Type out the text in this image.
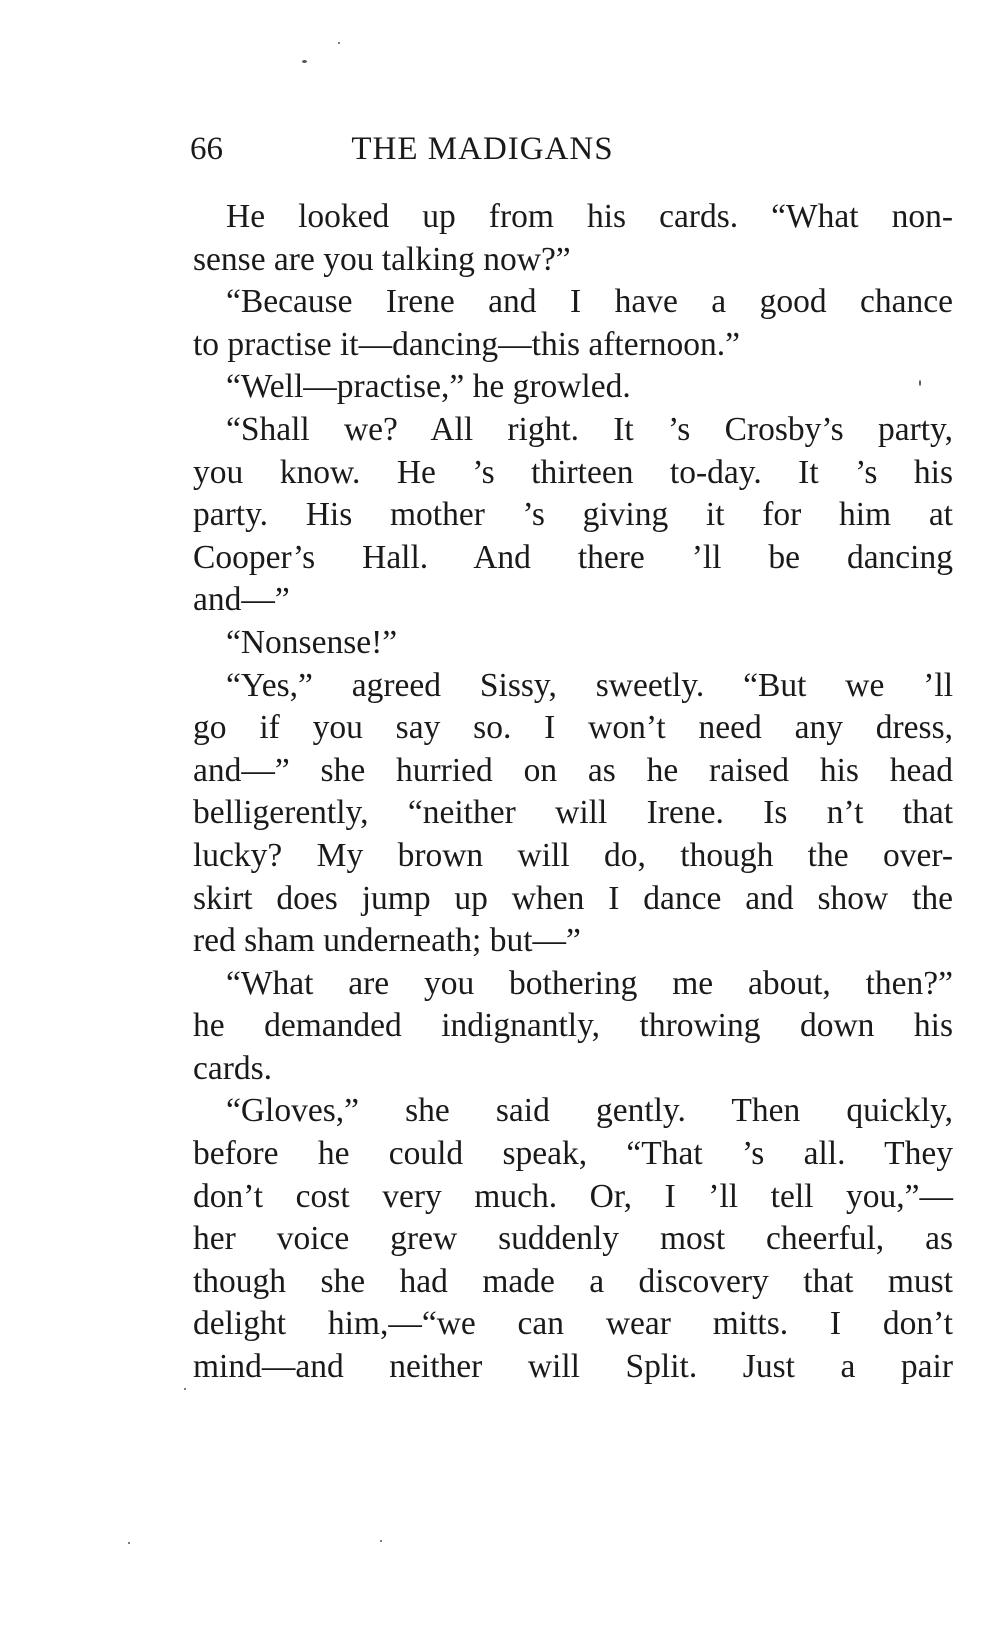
66	THE MADIGANS
He looked up from his cards. “What non-
sense are you talking now?”
“Because Irene and I have a good chance
to practise it—dancing—this afternoon.”
“Well—practise,” he growled.
“Shall we? All right. It ’s Crosby’s party,
you know. He ’s thirteen to-day. It ’s his
party. His mother ’s giving it for him at
Cooper’s Hall. And there ’ll be dancing
and—”
“Nonsense!”
“Yes,” agreed Sissy, sweetly. “But we ’ll
go if you say so. I won’t need any dress,
and—” she hurried on as he raised his head
belligerently, “neither will Irene. Is n’t that
lucky? My brown will do, though the over-
skirt does jump up when I dance and show the
red sham underneath; but—”
“What are you bothering me about, then?”
he demanded indignantly, throwing down his
cards.
“Gloves,” she said gently. Then quickly,
before he could speak, “That ’s all. They
don’t cost very much. Or, I ’ll tell you,”—
her voice grew suddenly most cheerful, as
though she had made a discovery that must
delight him,—“we can wear mitts. I don’t
mind—and neither will Split. Just a pair
